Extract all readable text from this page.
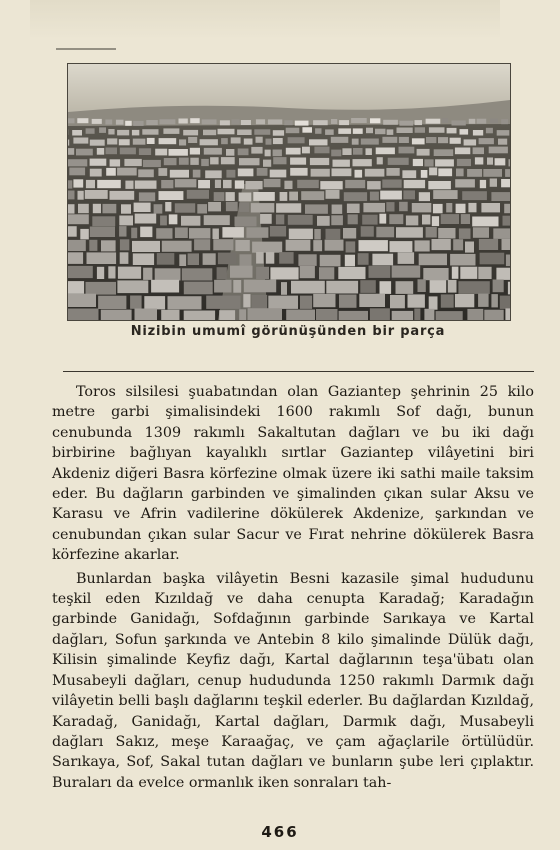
Nizibin umumî görünüşünden bir parça

Toros silsilesi şuabatından olan Gaziantep şehrinin 25 kilo metre garbi şimalisindeki 1600 rakımlı Sof dağı, bunun cenubunda 1309 rakımlı Sakaltutan dağları ve bu iki dağı birbirine bağlıyan kayalıklı sırtlar Gaziantep vilâyetini biri Akdeniz diğeri Basra körfezine olmak üzere iki sathi maile taksim eder. Bu dağların garbinden ve şimalinden çıkan sular Aksu ve Karasu ve Afrin vadilerine dökülerek Akdenize, şarkından ve cenubundan çıkan sular Sacur ve Fırat nehrine dökülerek Basra körfezine akarlar.

Bunlardan başka vilâyetin Besni kazasile şimal hududunu teşkil eden Kızıldağ ve daha cenupta Karadağ; Karadağın garbinde Ganidağı, Sofdağının garbinde Sarıkaya ve Kartal dağları, Sofun şarkında ve Antebin 8 kilo şimalinde Dülük dağı, Kilisin şimalinde Keyfiz dağı, Kartal dağlarının teşa'übatı olan Musabeyli dağları, cenup hududunda 1250 rakımlı Darmık dağı vilâyetin belli başlı dağlarını teşkil ederler. Bu dağlardan Kızıldağ, Karadağ, Ganidağı, Kartal dağları, Darmık dağı, Musabeyli dağları Sakız, meşe Karaağaç, ve çam ağaçlarile örtülüdür. Sarıkaya, Sof, Sakal tutan dağları ve bunların şube leri çıplaktır. Buraları da evelce ormanlık iken sonraları tah-

466
